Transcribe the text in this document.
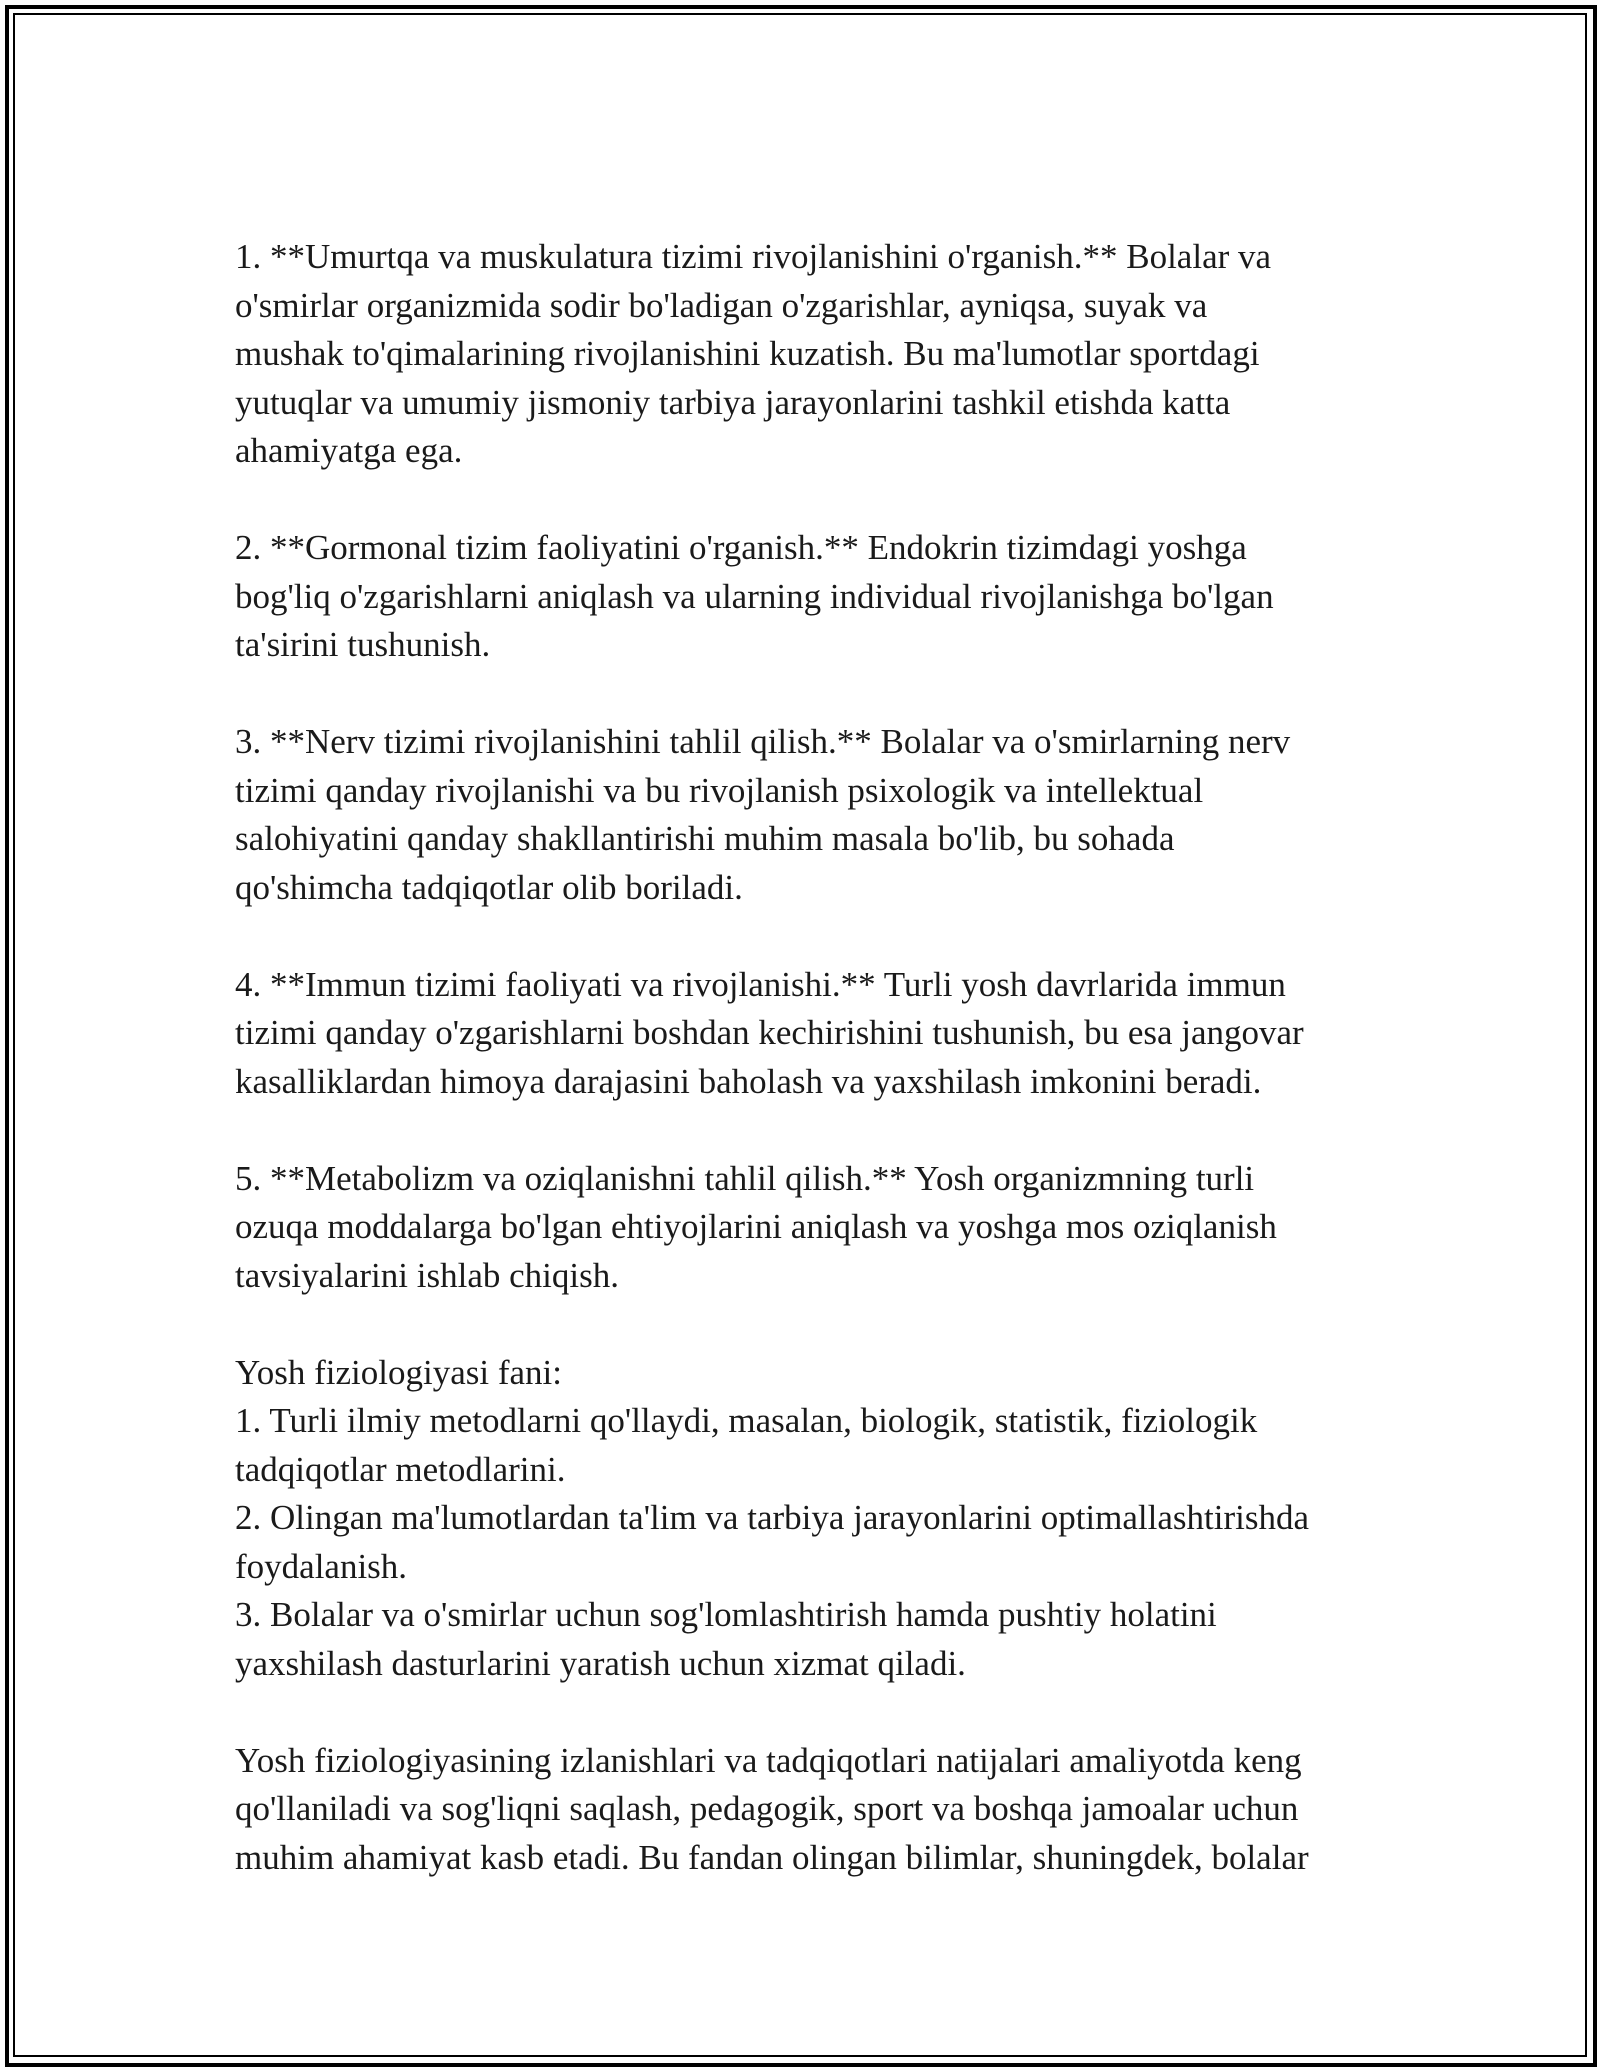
1. **Umurtqa va muskulatura tizimi rivojlanishini o'rganish.** Bolalar va
o'smirlar organizmida sodir bo'ladigan o'zgarishlar, ayniqsa, suyak va
mushak to'qimalarining rivojlanishini kuzatish. Bu ma'lumotlar sportdagi
yutuqlar va umumiy jismoniy tarbiya jarayonlarini tashkil etishda katta
ahamiyatga ega.

2. **Gormonal tizim faoliyatini o'rganish.** Endokrin tizimdagi yoshga
bog'liq o'zgarishlarni aniqlash va ularning individual rivojlanishga bo'lgan
ta'sirini tushunish.

3. **Nerv tizimi rivojlanishini tahlil qilish.** Bolalar va o'smirlarning nerv
tizimi qanday rivojlanishi va bu rivojlanish psixologik va intellektual
salohiyatini qanday shakllantirishi muhim masala bo'lib, bu sohada
qo'shimcha tadqiqotlar olib boriladi.

4. **Immun tizimi faoliyati va rivojlanishi.** Turli yosh davrlarida immun
tizimi qanday o'zgarishlarni boshdan kechirishini tushunish, bu esa jangovar
kasalliklardan himoya darajasini baholash va yaxshilash imkonini beradi.

5. **Metabolizm va oziqlanishni tahlil qilish.** Yosh organizmning turli
ozuqa moddalarga bo'lgan ehtiyojlarini aniqlash va yoshga mos oziqlanish
tavsiyalarini ishlab chiqish.

Yosh fiziologiyasi fani:
1. Turli ilmiy metodlarni qo'llaydi, masalan, biologik, statistik, fiziologik
tadqiqotlar metodlarini.
2. Olingan ma'lumotlardan ta'lim va tarbiya jarayonlarini optimallashtirishda
foydalanish.
3. Bolalar va o'smirlar uchun sog'lomlashtirish hamda pushtiy holatini
yaxshilash dasturlarini yaratish uchun xizmat qiladi.

Yosh fiziologiyasining izlanishlari va tadqiqotlari natijalari amaliyotda keng
qo'llaniladi va sog'liqni saqlash, pedagogik, sport va boshqa jamoalar uchun
muhim ahamiyat kasb etadi. Bu fandan olingan bilimlar, shuningdek, bolalar
